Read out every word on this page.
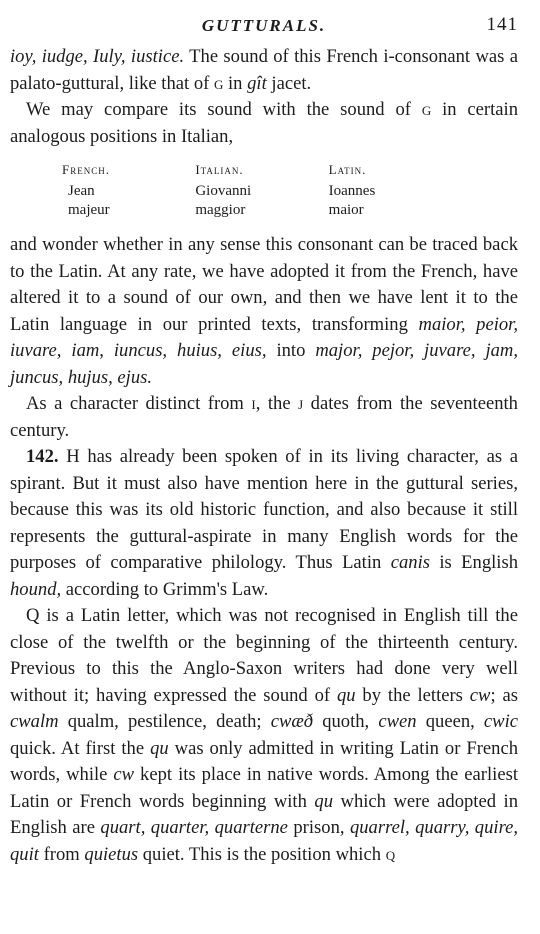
GUTTURALS.	141

ioy, iudge, Iuly, iustice. The sound of this French i-consonant was a palato-guttural, like that of g in gît jacet.

We may compare its sound with the sound of g in certain analogous positions in Italian,

French.
Jean
majeur
Italian.
Giovanni
maggior
Latin.
Ioannes
maior

and wonder whether in any sense this consonant can be traced back to the Latin. At any rate, we have adopted it from the French, have altered it to a sound of our own, and then we have lent it to the Latin language in our printed texts, transforming maior, peior, iuvare, iam, iuncus, huius, eius, into major, pejor, juvare, jam, juncus, hujus, ejus.

As a character distinct from i, the j dates from the seventeenth century.

142. H has already been spoken of in its living character, as a spirant. But it must also have mention here in the guttural series, because this was its old historic function, and also because it still represents the guttural-aspirate in many English words for the purposes of comparative philology. Thus Latin canis is English hound, according to Grimm's Law.

Q is a Latin letter, which was not recognised in English till the close of the twelfth or the beginning of the thirteenth century. Previous to this the Anglo-Saxon writers had done very well without it; having expressed the sound of qu by the letters cw; as cwalm qualm, pestilence, death; cwæð quoth, cwen queen, cwic quick. At first the qu was only admitted in writing Latin or French words, while cw kept its place in native words. Among the earliest Latin or French words beginning with qu which were adopted in English are quart, quarter, quarterne prison, quarrel, quarry, quire, quit from quietus quiet. This is the position which q
